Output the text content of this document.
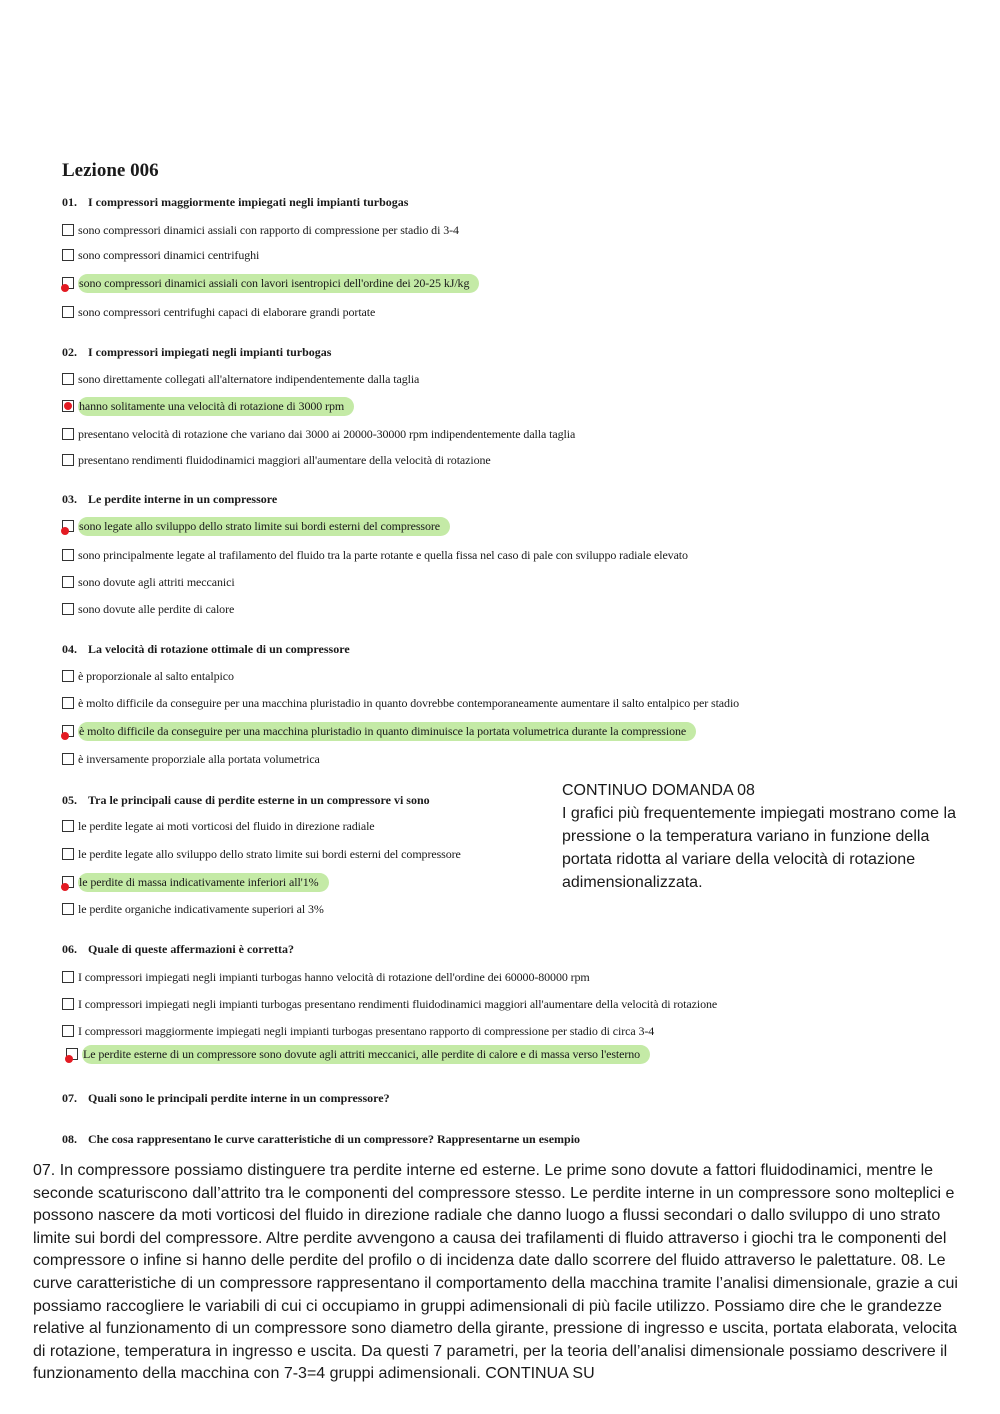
Lezione 006
01. I compressori maggiormente impiegati negli impianti turbogas
sono compressori dinamici assiali con rapporto di compressione per stadio di 3-4
sono compressori dinamici centrifughi
sono compressori dinamici assiali con lavori isentropici dell'ordine dei 20-25 kJ/kg
sono compressori centrifughi capaci di elaborare grandi portate
02. I compressori impiegati negli impianti turbogas
sono direttamente collegati all'alternatore indipendentemente dalla taglia
hanno solitamente una velocità di rotazione di 3000 rpm
presentano velocità di rotazione che variano dai 3000 ai 20000-30000 rpm indipendentemente dalla taglia
presentano rendimenti fluidodinamici maggiori all'aumentare della velocità di rotazione
03. Le perdite interne in un compressore
sono legate allo sviluppo dello strato limite sui bordi esterni del compressore
sono principalmente legate al trafilamento del fluido tra la parte rotante e quella fissa nel caso di pale con sviluppo radiale elevato
sono dovute agli attriti meccanici
sono dovute alle perdite di calore
04. La velocità di rotazione ottimale di un compressore
è proporzionale al salto entalpico
è molto difficile da conseguire per una macchina pluristadio in quanto dovrebbe contemporaneamente aumentare il salto entalpico per stadio
è molto difficile da conseguire per una macchina pluristadio in quanto diminuisce la portata volumetrica durante la compressione
è inversamente proporziale alla portata volumetrica
05. Tra le principali cause di perdite esterne in un compressore vi sono
le perdite legate ai moti vorticosi del fluido in direzione radiale
le perdite legate allo sviluppo dello strato limite sui bordi esterni del compressore
le perdite di massa indicativamente inferiori all'1%
le perdite organiche indicativamente superiori al 3%
06. Quale di queste affermazioni è corretta?
I compressori impiegati negli impianti turbogas hanno velocità di rotazione dell'ordine dei 60000-80000 rpm
I compressori impiegati negli impianti turbogas presentano rendimenti fluidodinamici maggiori all'aumentare della velocità di rotazione
I compressori maggiormente impiegati negli impianti turbogas presentano rapporto di compressione per stadio di circa 3-4
Le perdite esterne di un compressore sono dovute agli attriti meccanici, alle perdite di calore e di massa verso l'esterno
07. Quali sono le principali perdite interne in un compressore?
08. Che cosa rappresentano le curve caratteristiche di un compressore? Rappresentarne un esempio
CONTINUO DOMANDA 08
I grafici più frequentemente impiegati mostrano come la pressione o la temperatura variano in funzione della portata ridotta al variare della velocità di rotazione adimensionalizzata.
07. In compressore possiamo distinguere tra perdite interne ed esterne. Le prime sono dovute a fattori fluidodinamici, mentre le seconde scaturiscono dall’attrito tra le componenti del compressore stesso. Le perdite interne in un compressore sono molteplici e possono nascere da moti vorticosi del fluido in direzione radiale che danno luogo a flussi secondari o dallo sviluppo di uno strato limite sui bordi del compressore. Altre perdite avvengono a causa dei trafilamenti di fluido attraverso i giochi tra le componenti del compressore o infine si hanno delle perdite del profilo o di incidenza date dallo scorrere del fluido attraverso le palettature. 08. Le curve caratteristiche di un compressore rappresentano il comportamento della macchina tramite l’analisi dimensionale, grazie a cui possiamo raccogliere le variabili di cui ci occupiamo in gruppi adimensionali di più facile utilizzo. Possiamo dire che le grandezze relative al funzionamento di un compressore sono diametro della girante, pressione di ingresso e uscita, portata elaborata, velocita di rotazione, temperatura in ingresso e uscita. Da questi 7 parametri, per la teoria dell’analisi dimensionale possiamo descrivere il funzionamento della macchina con 7-3=4 gruppi adimensionali. CONTINUA SU
